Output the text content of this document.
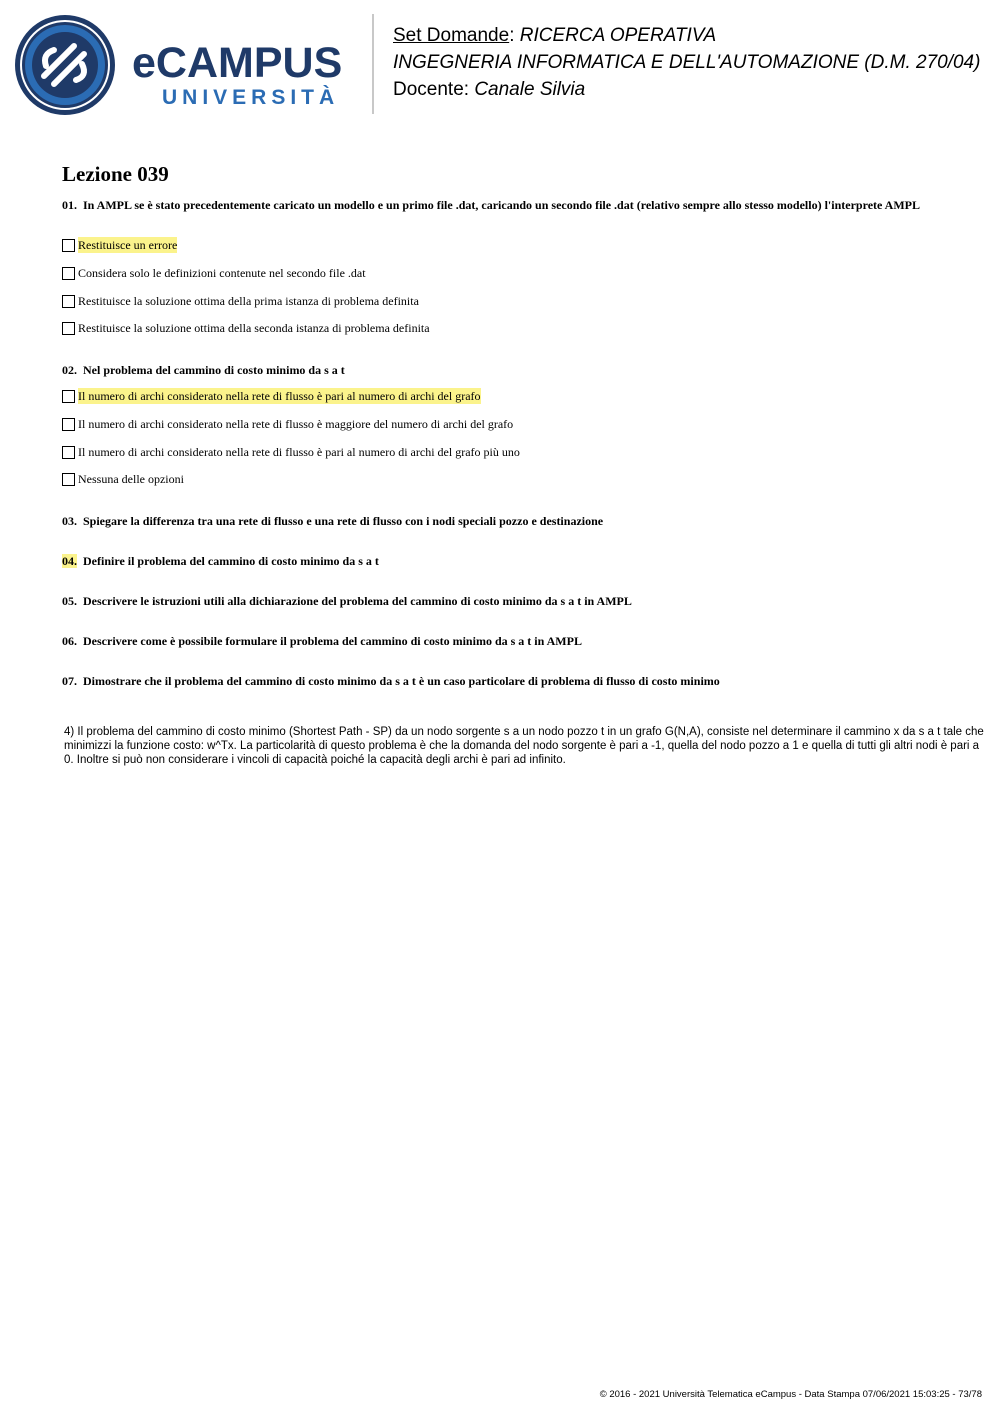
eCAMPUS
UNIVERSITÀ
Set Domande: RICERCA OPERATIVA
INGEGNERIA INFORMATICA E DELL'AUTOMAZIONE (D.M. 270/04)
Docente: Canale Silvia
Lezione 039
01. In AMPL se è stato precedentemente caricato un modello e un primo file .dat, caricando un secondo file .dat (relativo sempre allo stesso modello) l'interprete AMPL
Restituisce un errore
Considera solo le definizioni contenute nel secondo file .dat
Restituisce la soluzione ottima della prima istanza di problema definita
Restituisce la soluzione ottima della seconda istanza di problema definita
02. Nel problema del cammino di costo minimo da s a t
Il numero di archi considerato nella rete di flusso è pari al numero di archi del grafo
Il numero di archi considerato nella rete di flusso è maggiore del numero di archi del grafo
Il numero di archi considerato nella rete di flusso è pari al numero di archi del grafo più uno
Nessuna delle opzioni
03. Spiegare la differenza tra una rete di flusso e una rete di flusso con i nodi speciali pozzo e destinazione
04. Definire il problema del cammino di costo minimo da s a t
05. Descrivere le istruzioni utili alla dichiarazione del problema del cammino di costo minimo da s a t in AMPL
06. Descrivere come è possibile formulare il problema del cammino di costo minimo da s a t in AMPL
07. Dimostrare che il problema del cammino di costo minimo da s a t è un caso particolare di problema di flusso di costo minimo
4) Il problema del cammino di costo minimo (Shortest Path - SP) da un nodo sorgente s a un nodo pozzo t in un grafo G(N,A), consiste nel determinare il cammino x da s a t tale che minimizzi la funzione costo: w^Tx. La particolarità di questo problema è che la domanda del nodo sorgente è pari a -1, quella del nodo pozzo a 1 e quella di tutti gli altri nodi è pari a 0. Inoltre si può non considerare i vincoli di capacità poiché la capacità degli archi è pari ad infinito.
© 2016 - 2021 Università Telematica eCampus - Data Stampa 07/06/2021 15:03:25 - 73/78
